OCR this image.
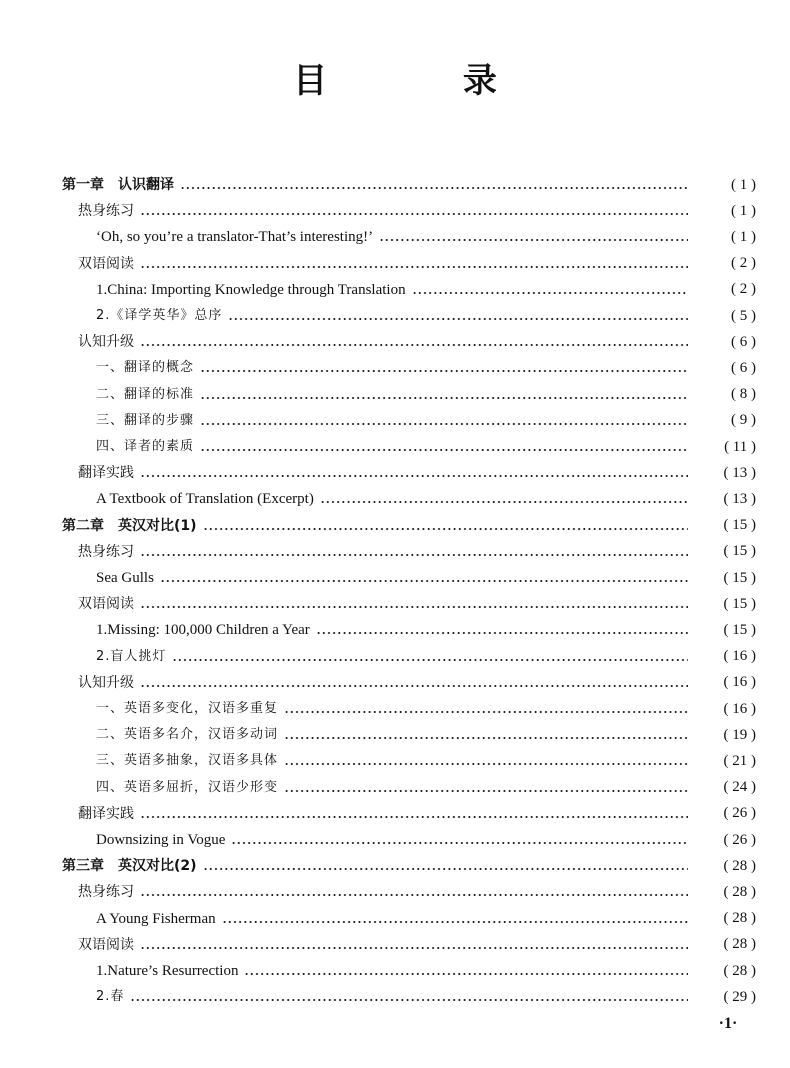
目 录
第一章　认识翻译	( 1 )
热身练习	( 1 )
‘Oh, so you’re a translator-That’s interesting!’	( 1 )
双语阅读	( 2 )
1.China: Importing Knowledge through Translation	( 2 )
2.《译学英华》总序	( 5 )
认知升级	( 6 )
一、翻译的概念	( 6 )
二、翻译的标准	( 8 )
三、翻译的步骤	( 9 )
四、译者的素质	( 11 )
翻译实践	( 13 )
A Textbook of Translation (Excerpt)	( 13 )
第二章　英汉对比(1)	( 15 )
热身练习	( 15 )
Sea Gulls	( 15 )
双语阅读	( 15 )
1.Missing: 100,000 Children a Year	( 15 )
2.盲人挑灯	( 16 )
认知升级	( 16 )
一、英语多变化，汉语多重复	( 16 )
二、英语多名介，汉语多动词	( 19 )
三、英语多抽象，汉语多具体	( 21 )
四、英语多屈折，汉语少形变	( 24 )
翻译实践	( 26 )
Downsizing in Vogue	( 26 )
第三章　英汉对比(2)	( 28 )
热身练习	( 28 )
A Young Fisherman	( 28 )
双语阅读	( 28 )
1.Nature’s Resurrection	( 28 )
2.春	( 29 )
·1·
